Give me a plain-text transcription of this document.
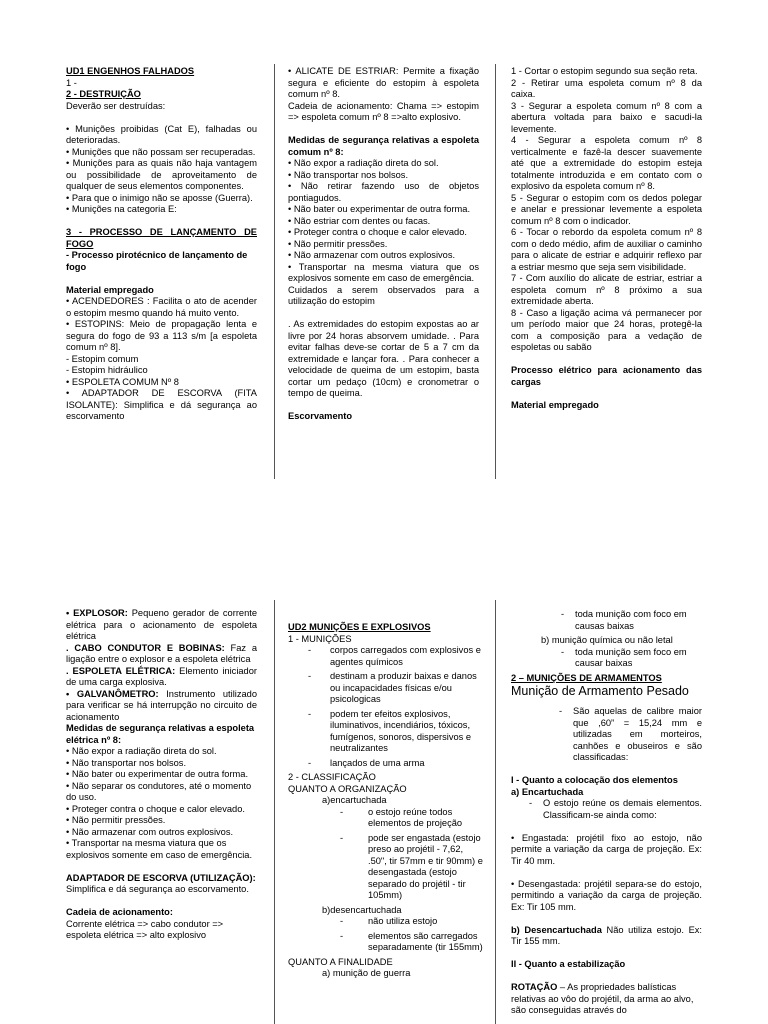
UD1 ENGENHOS FALHADOS

1 -

2 - DESTRUIÇÃO

Deverão ser destruídas:

• Munições proibidas (Cat E), falhadas ou deterioradas.

• Munições que não possam ser recuperadas.

• Munições para as quais não haja vantagem ou possibilidade de aproveitamento de qualquer de seus elementos componentes.

• Para que o inimigo não se aposse (Guerra).

• Munições na categoria E:

3 - PROCESSO DE LANÇAMENTO DE FOGO

- Processo pirotécnico de lançamento de fogo

Material empregado

• ACENDEDORES : Facilita o ato de acender o estopim mesmo quando há muito vento.

• ESTOPINS: Meio de propagação lenta e segura do fogo de 93 a 113 s/m [a espoleta comum nº 8].

- Estopim comum

- Estopim hidráulico

• ESPOLETA COMUM Nº 8

• ADAPTADOR DE ESCORVA (FITA ISOLANTE): Simplifica e dá segurança ao escorvamento

• ALICATE DE ESTRIAR: Permite a fixação segura e eficiente do estopim à espoleta comum nº 8.

Cadeia de acionamento: Chama => estopim => espoleta comum nº 8 =>alto explosivo.

Medidas de segurança relativas a espoleta comum nº 8:

• Não expor a radiação direta do sol.

• Não transportar nos bolsos.

• Não retirar fazendo uso de objetos pontiagudos.

• Não bater ou experimentar de outra forma.

• Não estriar com dentes ou facas.

• Proteger contra o choque e calor elevado.

• Não permitir pressões.

• Não armazenar com outros explosivos.

• Transportar na mesma viatura que os explosivos somente em caso de emergência.

Cuidados a serem observados para a utilização do estopim

. As extremidades do estopim expostas ao ar livre por 24 horas absorvem umidade. . Para evitar falhas deve-se cortar de 5 a 7 cm da extremidade e lançar fora. . Para conhecer a velocidade de queima de um estopim, basta cortar um pedaço (10cm) e cronometrar o tempo de queima.

Escorvamento

1 - Cortar o estopim segundo sua seção reta.

2 - Retirar uma espoleta comum nº 8 da caixa.

3 - Segurar a espoleta comum nº 8 com a abertura voltada para baixo e sacudi-la levemente.

4 - Segurar a espoleta comum nº 8 verticalmente e fazê-la descer suavemente até que a extremidade do estopim esteja totalmente introduzida e em contato com o explosivo da espoleta comum nº 8.

5 - Segurar o estopim com os dedos polegar e anelar e pressionar levemente a espoleta comum nº 8 com o indicador.

6 - Tocar o rebordo da espoleta comum nº 8 com o dedo médio, afim de auxiliar o caminho para o alicate de estriar e adquirir reflexo par a estriar mesmo que seja sem visibilidade.

7 - Com auxílio do alicate de estriar, estriar a espoleta comum nº 8 próximo a sua extremidade aberta.

8 - Caso a ligação acima vá permanecer por um período maior que 24 horas, protegê-la com a composição para a vedação de espoletas ou sabão

Processo elétrico para acionamento das cargas

Material empregado

• EXPLOSOR: Pequeno gerador de corrente elétrica para o acionamento de espoleta elétrica

. CABO CONDUTOR E BOBINAS: Faz a ligação entre o explosor e a espoleta elétrica

. ESPOLETA ELÉTRICA: Elemento iniciador de uma carga explosiva.

• GALVANÔMETRO: Instrumento utilizado para verificar se há interrupção no circuito de acionamento

Medidas de segurança relativas a espoleta elétrica nº 8:

• Não expor a radiação direta do sol.

• Não transportar nos bolsos.

• Não bater ou experimentar de outra forma.

• Não separar os condutores, até o momento do uso.

• Proteger contra o choque e calor elevado.

• Não permitir pressões.

• Não armazenar com outros explosivos.

• Transportar na mesma viatura que os explosivos somente em caso de emergência.

ADAPTADOR DE ESCORVA (UTILIZAÇÃO): Simplifica e dá segurança ao escorvamento.

Cadeia de acionamento:

Corrente elétrica => cabo condutor => espoleta elétrica => alto explosivo

UD2 MUNIÇÕES E EXPLOSIVOS

1 - MUNIÇÕES

- corpos carregados com explosivos e agentes químicos
- destinam a produzir baixas e danos ou incapacidades físicas e/ou psicologicas
- podem ter efeitos explosivos, iluminativos, incendiários, tóxicos, fumígenos, sonoros, dispersivos e neutralizantes
- lançados de uma arma

2 - CLASSIFICAÇÃO

QUANTO A ORGANIZAÇÃO

a)encartuchada

- o estojo reúne todos elementos de projeção
- pode ser engastada (estojo preso ao projétil - 7,62, .50", tir 57mm e tir 90mm) e desengastada (estojo separado do projétil - tir 105mm)

b)desencartuchada

- não utiliza estojo
- elementos são carregados separadamente (tir 155mm)

QUANTO A FINALIDADE

a) munição de guerra

- toda munição com foco em causas baixas

b) munição química ou não letal

- toda munição sem foco em causar baixas

2 – MUNIÇÕES DE ARMAMENTOS

Munição de Armamento Pesado

- São aquelas de calibre maior que ,60” = 15,24 mm e utilizadas em morteiros, canhões e obuseiros e são classificadas:

I - Quanto a colocação dos elementos

a) Encartuchada

- O estojo reúne os demais elementos. Classificam-se ainda como:

• Engastada: projétil fixo ao estojo, não permite a variação da carga de projeção. Ex: Tir 40 mm.

• Desengastada: projétil separa-se do estojo, permitindo a variação da carga de projeção. Ex: Tir 105 mm.

b) Desencartuchada Não utiliza estojo. Ex: Tir 155 mm.

II - Quanto a estabilização

ROTAÇÃO – As propriedades balísticas relativas ao vôo do projétil, da arma ao alvo, são conseguidas através do
